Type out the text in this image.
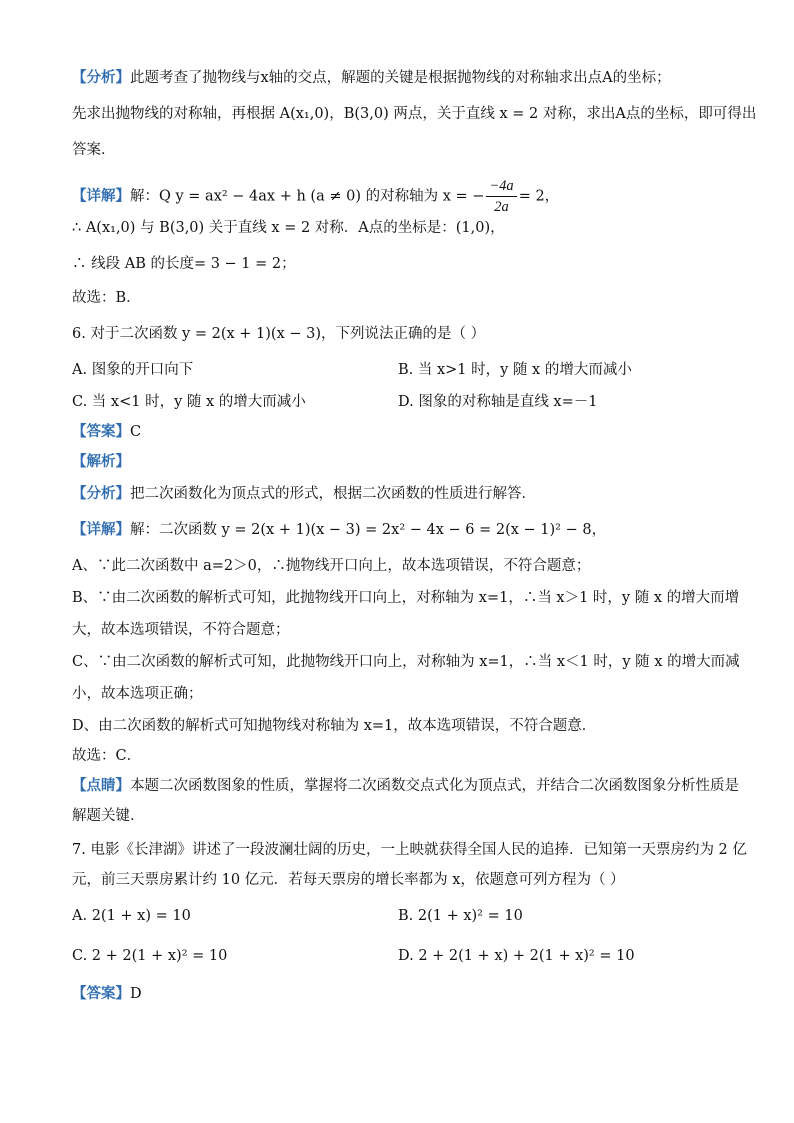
【分析】此题考查了抛物线与x轴的交点，解题的关键是根据抛物线的对称轴求出点A的坐标；
先求出抛物线的对称轴，再根据 A(x₁,0)，B(3,0) 两点，关于直线 x = 2 对称，求出A点的坐标，即可得出
答案．
【详解】解：Q y = ax² − 4ax + h (a ≠ 0) 的对称轴为 x = − $\frac{-4a}{2a} = 2$，
∴ A(x₁,0) 与 B(3,0) 关于直线 x = 2 对称．A点的坐标是：(1,0)，
∴ 线段 AB 的长度= 3 − 1 = 2；
故选：B．
6. 对于二次函数 y = 2(x + 1)(x − 3)，下列说法正确的是（ ）
A. 图象的开口向下	B. 当 x>1 时，y 随 x 的增大而减小
C. 当 x<1 时，y 随 x 的增大而减小	D. 图象的对称轴是直线 x=－1
【答案】C
【解析】
【分析】把二次函数化为顶点式的形式，根据二次函数的性质进行解答．
【详解】解：二次函数 y = 2(x + 1)(x − 3) = 2x² − 4x − 6 = 2(x − 1)² − 8，
A、∵此二次函数中 a=2＞0，∴抛物线开口向上，故本选项错误，不符合题意；
B、∵由二次函数的解析式可知，此抛物线开口向上，对称轴为 x=1，∴当 x＞1 时，y 随 x 的增大而增
大，故本选项错误，不符合题意；
C、∵由二次函数的解析式可知，此抛物线开口向上，对称轴为 x=1，∴当 x＜1 时，y 随 x 的增大而减
小，故本选项正确；
D、由二次函数的解析式可知抛物线对称轴为 x=1，故本选项错误，不符合题意．
故选：C．
【点睛】本题二次函数图象的性质，掌握将二次函数交点式化为顶点式，并结合二次函数图象分析性质是
解题关键．
7. 电影《长津湖》讲述了一段波澜壮阔的历史，一上映就获得全国人民的追捧．已知第一天票房约为 2 亿
元，前三天票房累计约 10 亿元．若每天票房的增长率都为 x，依题意可列方程为（ ）
A. 2(1 + x) = 10	B. 2(1 + x)² = 10
C. 2 + 2(1 + x)² = 10	D. 2 + 2(1 + x) + 2(1 + x)² = 10
【答案】D
